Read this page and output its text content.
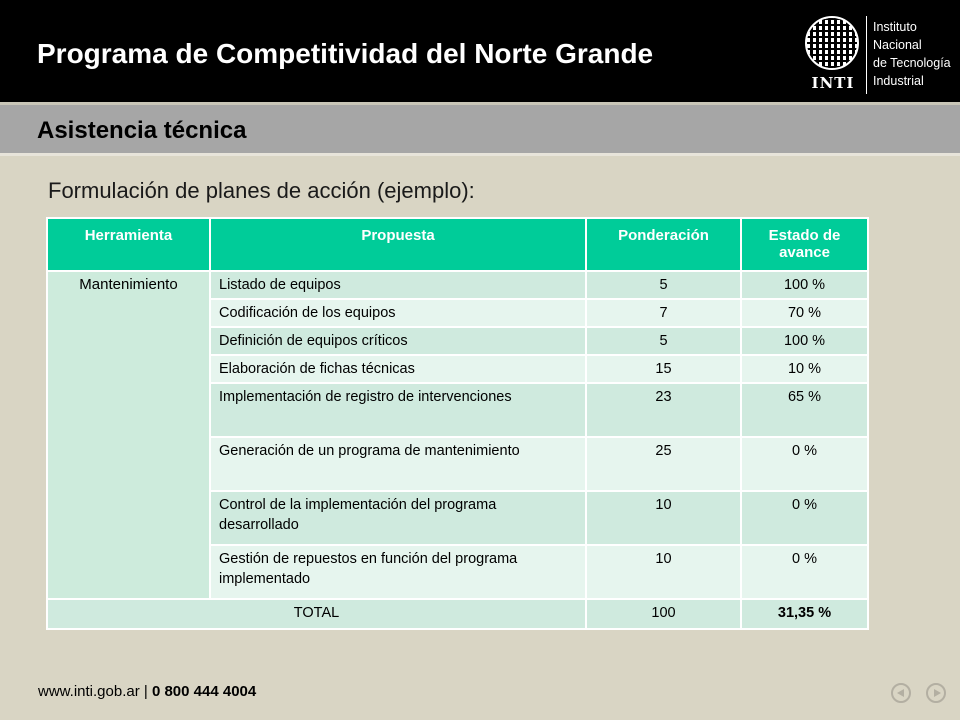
Programa de Competitividad del Norte Grande
INTI
Instituto
Nacional
de Tecnología
Industrial
Asistencia técnica
Formulación de planes de acción (ejemplo):
Herramienta	Propuesta	Ponderación	Estado de avance
Mantenimiento	Listado de equipos	5	100 %
	Codificación de los equipos	7	70 %
	Definición de equipos críticos	5	100 %
	Elaboración de fichas técnicas	15	10 %
	Implementación de registro de intervenciones	23	65 %
	Generación de un programa de mantenimiento	25	0 %
	Control de la implementación del programa desarrollado	10	0 %
	Gestión de repuestos en función del programa implementado	10	0 %
TOTAL		100	31,35 %
www.inti.gob.ar | 0 800 444 4004
